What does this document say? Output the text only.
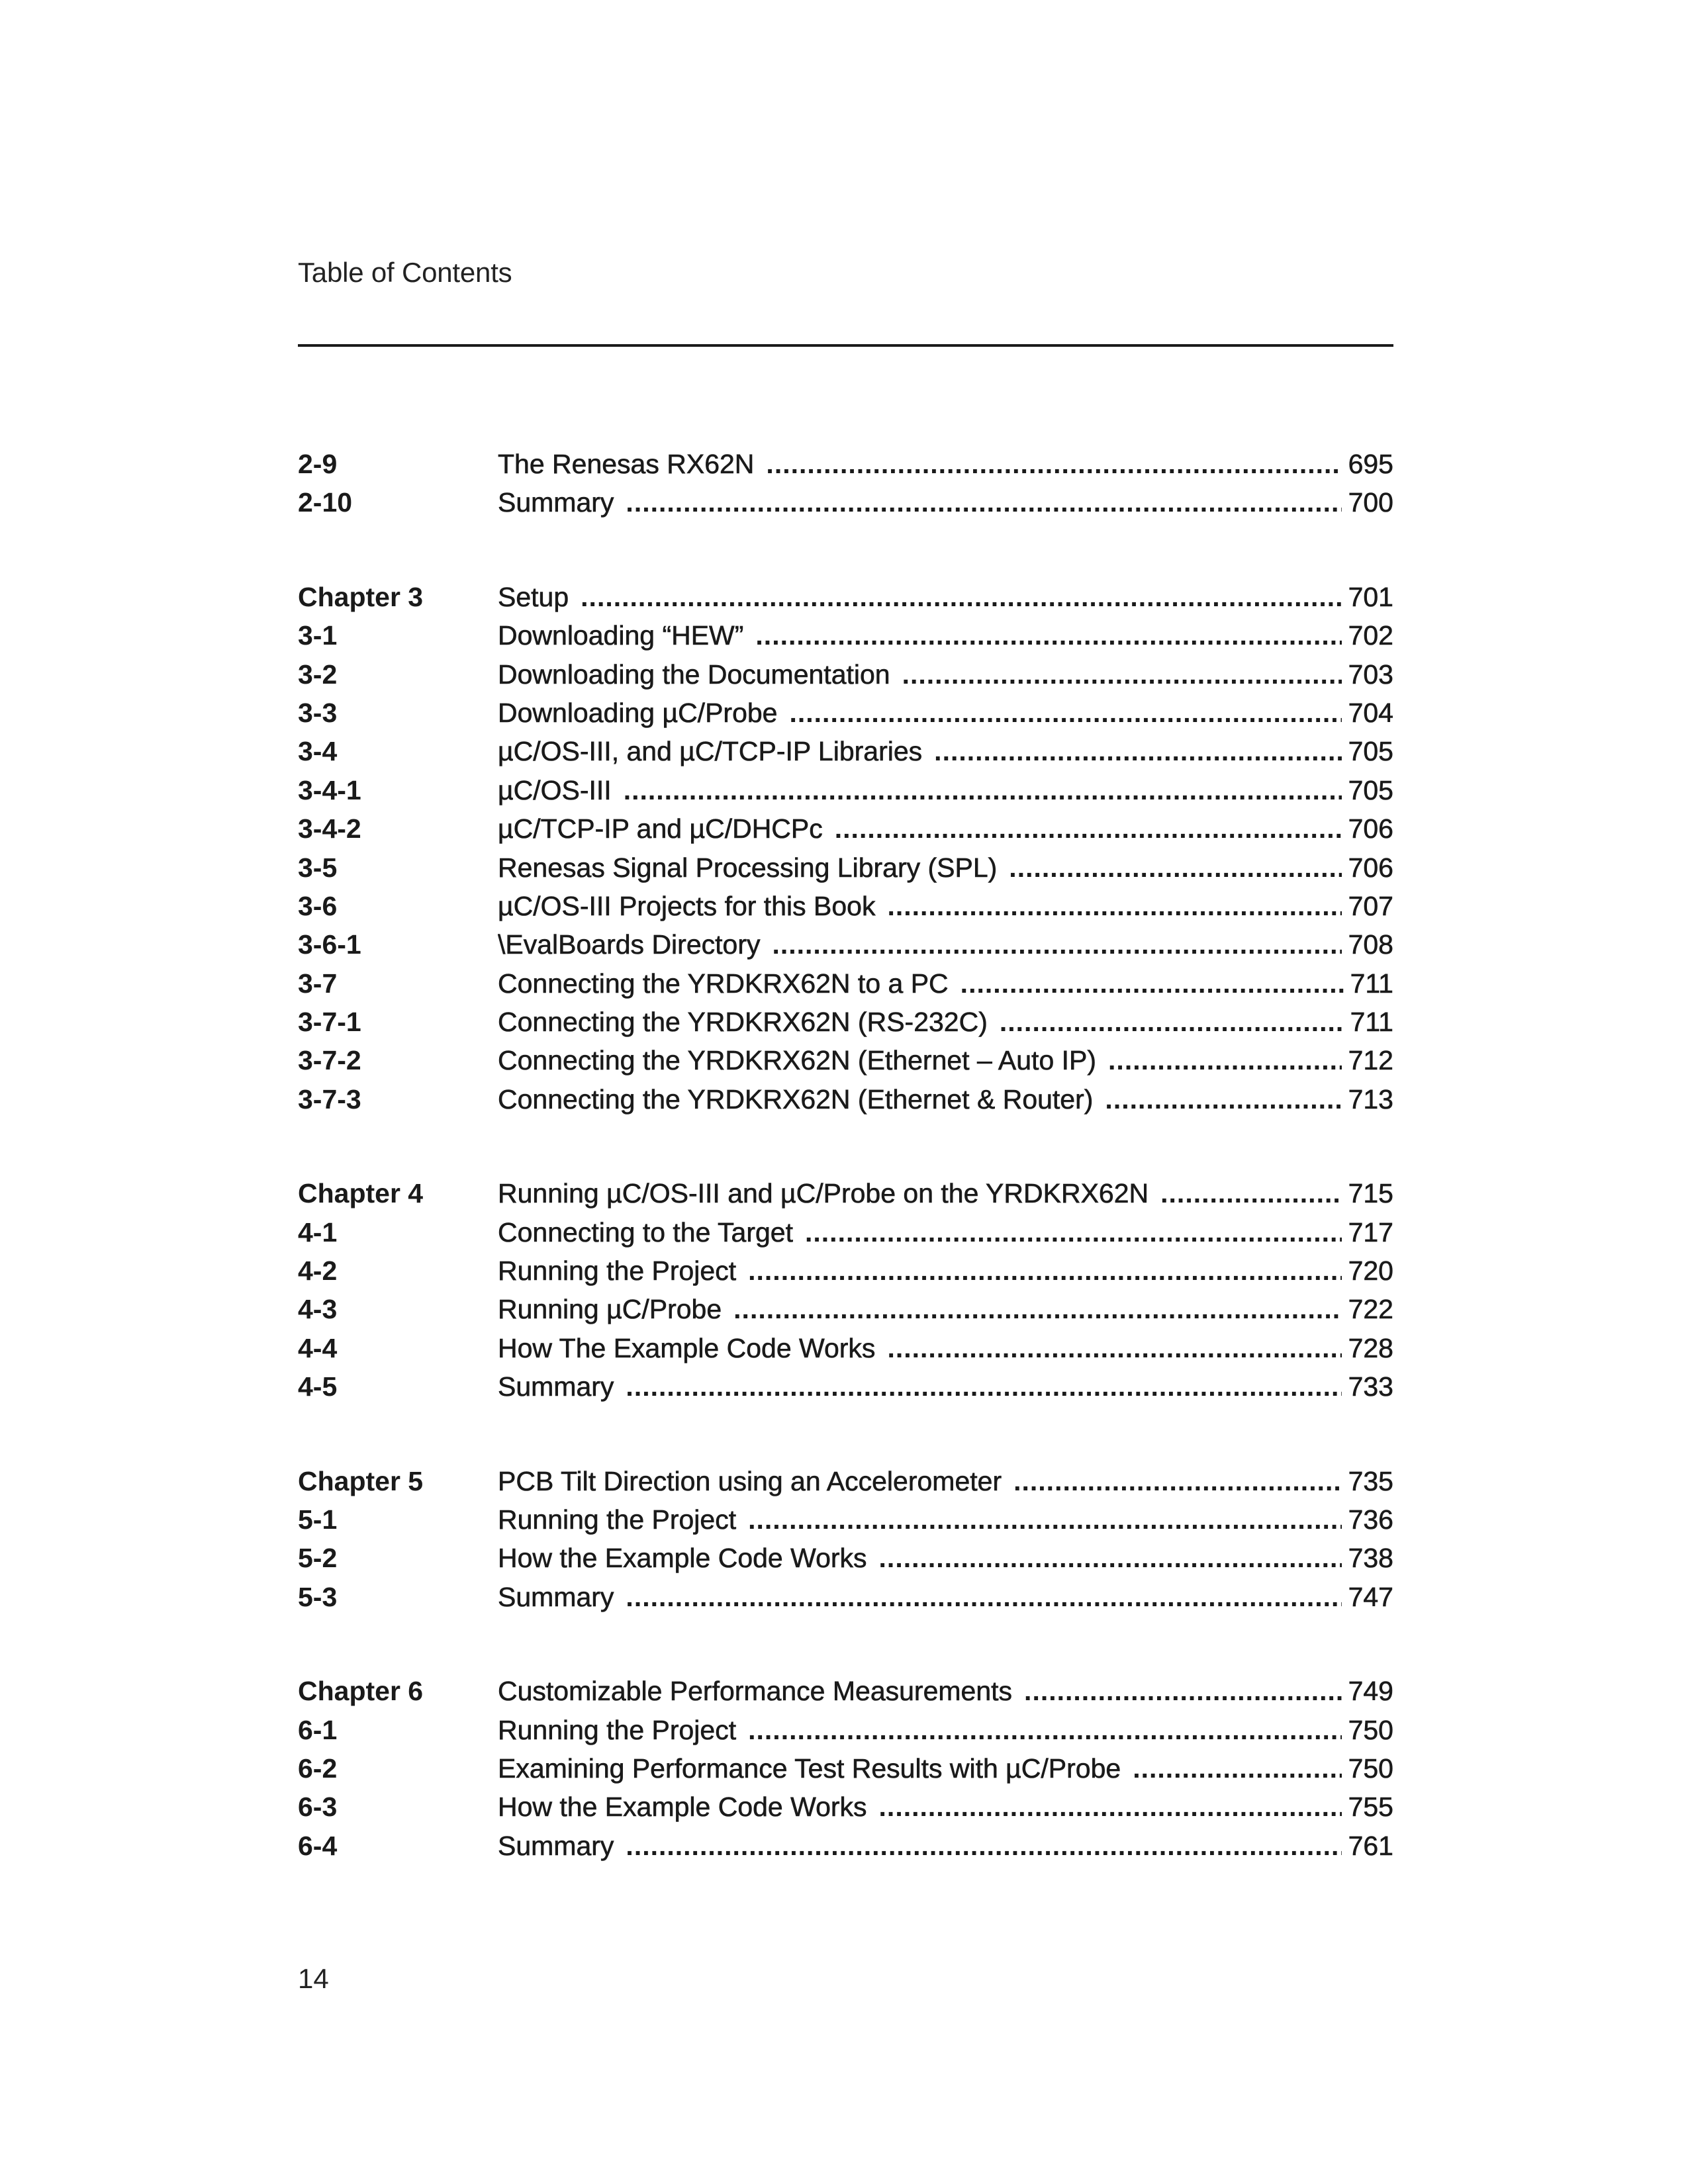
Table of Contents
2-9	The Renesas RX62N .....	695
2-10	Summary .....	700
Chapter 3	Setup .....	701
3-1	Downloading “HEW” .....	702
3-2	Downloading the Documentation .....	703
3-3	Downloading µC/Probe .....	704
3-4	µC/OS-III, and µC/TCP-IP Libraries .....	705
3-4-1	µC/OS-III .....	705
3-4-2	µC/TCP-IP and µC/DHCPc .....	706
3-5	Renesas Signal Processing Library (SPL) .....	706
3-6	µC/OS-III Projects for this Book .....	707
3-6-1	\EvalBoards Directory .....	708
3-7	Connecting the YRDKRX62N to a PC .....	711
3-7-1	Connecting the YRDKRX62N (RS-232C) .....	711
3-7-2	Connecting the YRDKRX62N (Ethernet – Auto IP) .....	712
3-7-3	Connecting the YRDKRX62N (Ethernet & Router) .....	713
Chapter 4	Running µC/OS-III and µC/Probe on the YRDKRX62N .....	715
4-1	Connecting to the Target .....	717
4-2	Running the Project .....	720
4-3	Running µC/Probe .....	722
4-4	How The Example Code Works .....	728
4-5	Summary .....	733
Chapter 5	PCB Tilt Direction using an Accelerometer .....	735
5-1	Running the Project .....	736
5-2	How the Example Code Works .....	738
5-3	Summary .....	747
Chapter 6	Customizable Performance Measurements .....	749
6-1	Running the Project .....	750
6-2	Examining Performance Test Results with µC/Probe .....	750
6-3	How the Example Code Works .....	755
6-4	Summary .....	761
14
